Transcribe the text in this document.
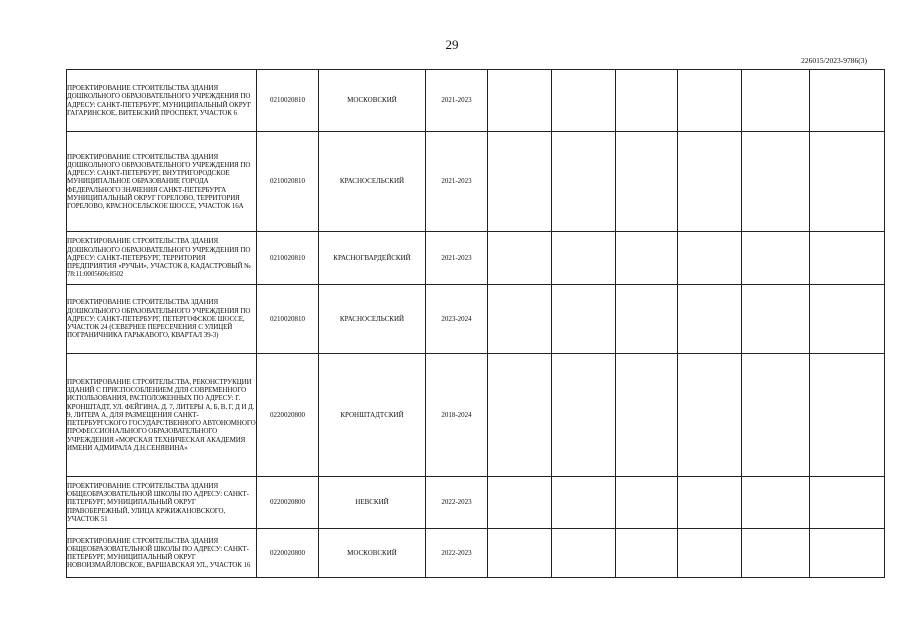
29
226015/2023-9786(3)
ПРОЕКТИРОВАНИЕ СТРОИТЕЛЬСТВА ЗДАНИЯ ДОШКОЛЬНОГО ОБРАЗОВАТЕЛЬНОГО УЧРЕЖДЕНИЯ ПО АДРЕСУ: САНКТ-ПЕТЕРБУРГ, МУНИЦИПАЛЬНЫЙ ОКРУГ ГАГАРИНСКОЕ, ВИТЕБСКИЙ ПРОСПЕКТ, УЧАСТОК 6	0210020810	МОСКОВСКИЙ	2021-2023						
ПРОЕКТИРОВАНИЕ СТРОИТЕЛЬСТВА ЗДАНИЯ ДОШКОЛЬНОГО ОБРАЗОВАТЕЛЬНОГО УЧРЕЖДЕНИЯ ПО АДРЕСУ: САНКТ-ПЕТЕРБУРГ, ВНУТРИГОРОДСКОЕ МУНИЦИПАЛЬНОЕ ОБРАЗОВАНИЕ ГОРОДА ФЕДЕРАЛЬНОГО ЗНАЧЕНИЯ САНКТ-ПЕТЕРБУРГА МУНИЦИПАЛЬНЫЙ ОКРУГ ГОРЕЛОВО, ТЕРРИТОРИЯ ГОРЕЛОВО, КРАСНОСЕЛЬСКОЕ ШОССЕ, УЧАСТОК 16А	0210020810	КРАСНОСЕЛЬСКИЙ	2021-2023						
ПРОЕКТИРОВАНИЕ СТРОИТЕЛЬСТВА ЗДАНИЯ ДОШКОЛЬНОГО ОБРАЗОВАТЕЛЬНОГО УЧРЕЖДЕНИЯ ПО АДРЕСУ: САНКТ-ПЕТЕРБУРГ, ТЕРРИТОРИЯ ПРЕДПРИЯТИЯ «РУЧЬИ», УЧАСТОК 8, КАДАСТРОВЫЙ № 78:11:0005606:8502	0210020810	КРАСНОГВАРДЕЙСКИЙ	2021-2023						
ПРОЕКТИРОВАНИЕ СТРОИТЕЛЬСТВА ЗДАНИЯ ДОШКОЛЬНОГО ОБРАЗОВАТЕЛЬНОГО УЧРЕЖДЕНИЯ ПО АДРЕСУ: САНКТ-ПЕТЕРБУРГ, ПЕТЕРГОФСКОЕ ШОССЕ, УЧАСТОК 24 (СЕВЕРНЕЕ ПЕРЕСЕЧЕНИЯ С УЛИЦЕЙ ПОГРАНИЧНИКА ГАРЬКАВОГО, КВАРТАЛ 39-3)	0210020810	КРАСНОСЕЛЬСКИЙ	2023-2024						
ПРОЕКТИРОВАНИЕ СТРОИТЕЛЬСТВА, РЕКОНСТРУКЦИИ ЗДАНИЙ С ПРИСПОСОБЛЕНИЕМ ДЛЯ СОВРЕМЕННОГО ИСПОЛЬЗОВАНИЯ, РАСПОЛОЖЕННЫХ ПО АДРЕСУ: Г. КРОНШТАДТ, УЛ. ФЕЙГИНА, Д. 7, ЛИТЕРЫ А, Б, В, Г, Д И Д. 9, ЛИТЕРА А, ДЛЯ РАЗМЕЩЕНИЯ САНКТ-ПЕТЕРБУРГСКОГО ГОСУДАРСТВЕННОГО АВТОНОМНОГО ПРОФЕССИОНАЛЬНОГО ОБРАЗОВАТЕЛЬНОГО УЧРЕЖДЕНИЯ «МОРСКАЯ ТЕХНИЧЕСКАЯ АКАДЕМИЯ ИМЕНИ АДМИРАЛА Д.Н.СЕНЯВИНА»	0220020800	КРОНШТАДТСКИЙ	2018-2024						
ПРОЕКТИРОВАНИЕ СТРОИТЕЛЬСТВА ЗДАНИЯ ОБЩЕОБРАЗОВАТЕЛЬНОЙ ШКОЛЫ ПО АДРЕСУ: САНКТ-ПЕТЕРБУРГ, МУНИЦИПАЛЬНЫЙ ОКРУГ ПРАВОБЕРЕЖНЫЙ, УЛИЦА КРЖИЖАНОВСКОГО, УЧАСТОК 51	0220020800	НЕВСКИЙ	2022-2023						
ПРОЕКТИРОВАНИЕ СТРОИТЕЛЬСТВА ЗДАНИЯ ОБЩЕОБРАЗОВАТЕЛЬНОЙ ШКОЛЫ ПО АДРЕСУ: САНКТ-ПЕТЕРБУРГ, МУНИЦИПАЛЬНЫЙ ОКРУГ НОВОИЗМАЙЛОВСКОЕ, ВАРШАВСКАЯ УЛ., УЧАСТОК 16	0220020800	МОСКОВСКИЙ	2022-2023						
